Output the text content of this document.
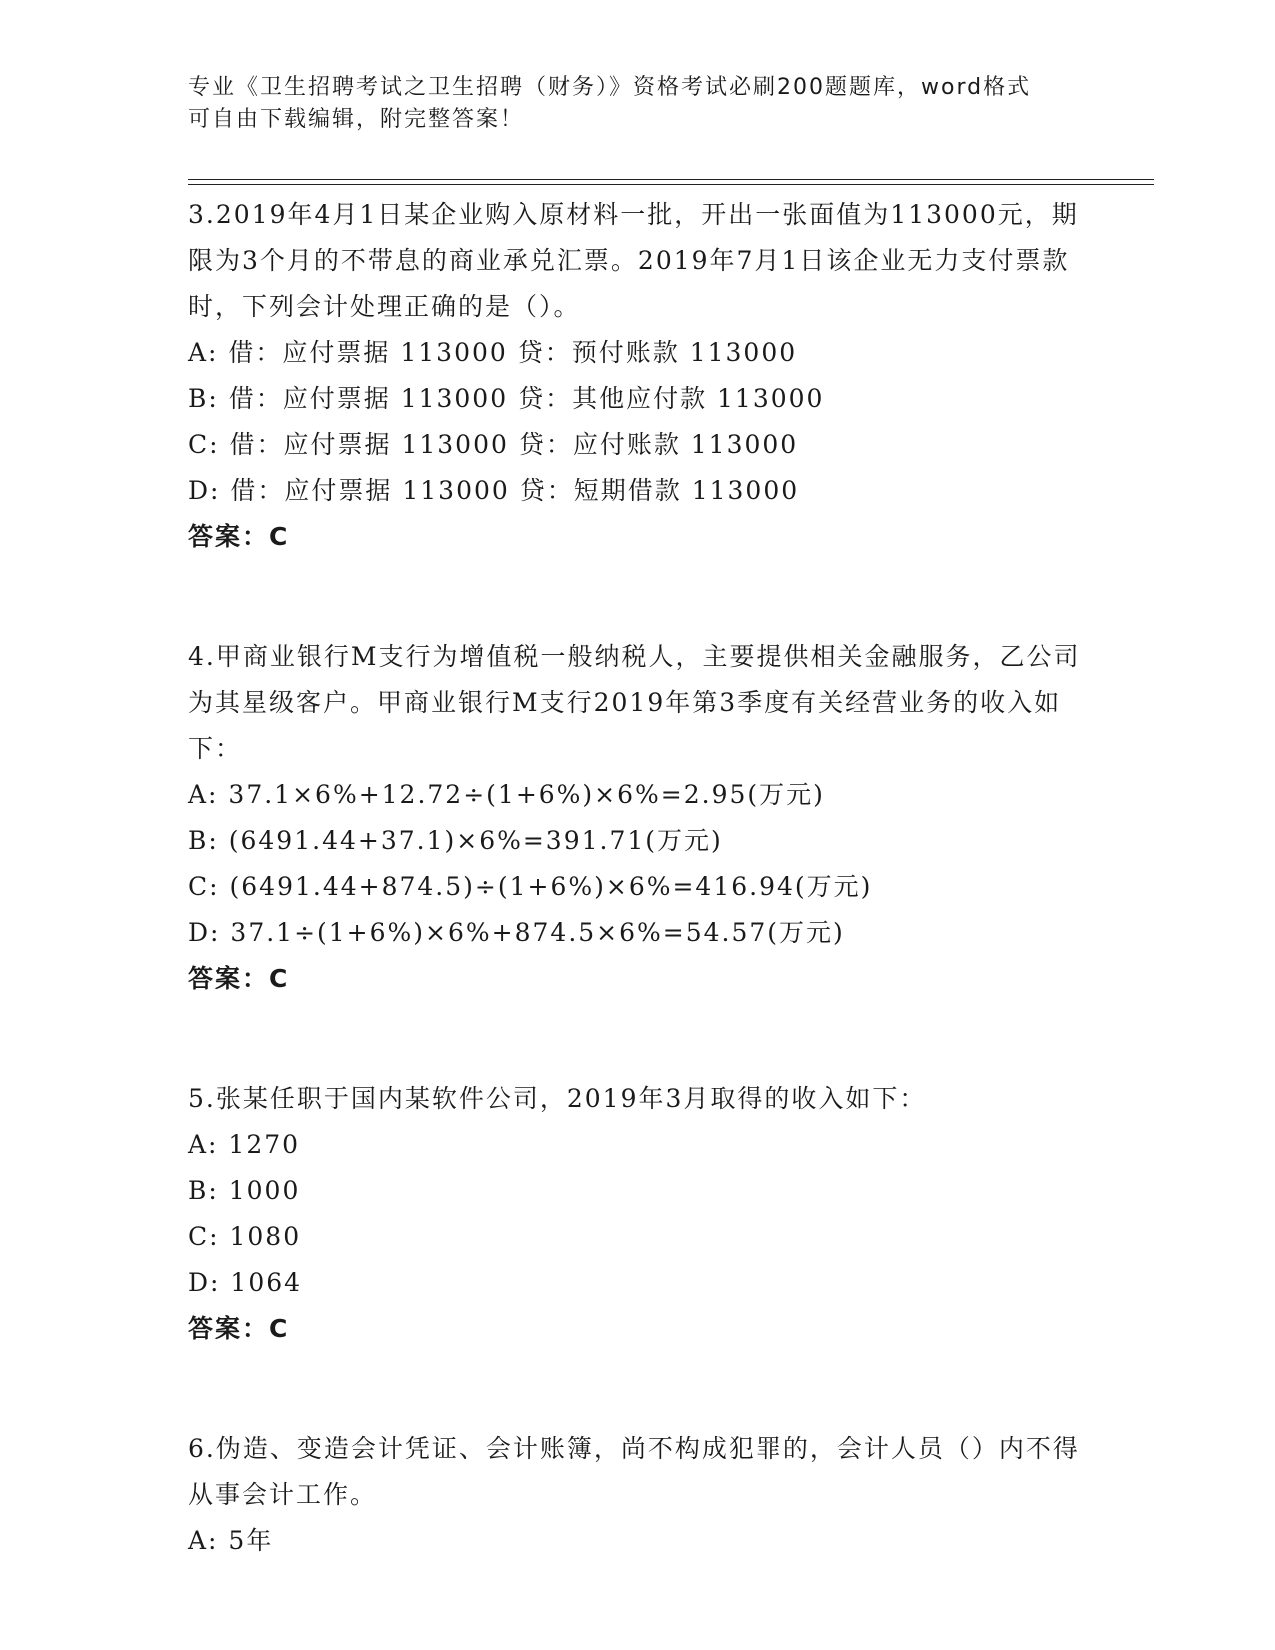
专业《卫生招聘考试之卫生招聘（财务）》资格考试必刷200题题库，word格式
可自由下载编辑，附完整答案！
3.2019年4月1日某企业购入原材料一批，开出一张面值为113000元，期限为3个月的不带息的商业承兑汇票。2019年7月1日该企业无力支付票款时，下列会计处理正确的是（）。
A: 借：应付票据 113000 贷：预付账款 113000
B: 借：应付票据 113000 贷：其他应付款 113000
C: 借：应付票据 113000 贷：应付账款 113000
D: 借：应付票据 113000 贷：短期借款 113000
答案：C
4.甲商业银行M支行为增值税一般纳税人，主要提供相关金融服务，乙公司为其星级客户。甲商业银行M支行2019年第3季度有关经营业务的收入如下：
A: 37.1×6%+12.72÷(1+6%)×6%=2.95(万元)
B: (6491.44+37.1)×6%=391.71(万元)
C: (6491.44+874.5)÷(1+6%)×6%=416.94(万元)
D: 37.1÷(1+6%)×6%+874.5×6%=54.57(万元)
答案：C
5.张某任职于国内某软件公司，2019年3月取得的收入如下：
A: 1270
B: 1000
C: 1080
D: 1064
答案：C
6.伪造、变造会计凭证、会计账簿，尚不构成犯罪的，会计人员（）内不得从事会计工作。
A: 5年
